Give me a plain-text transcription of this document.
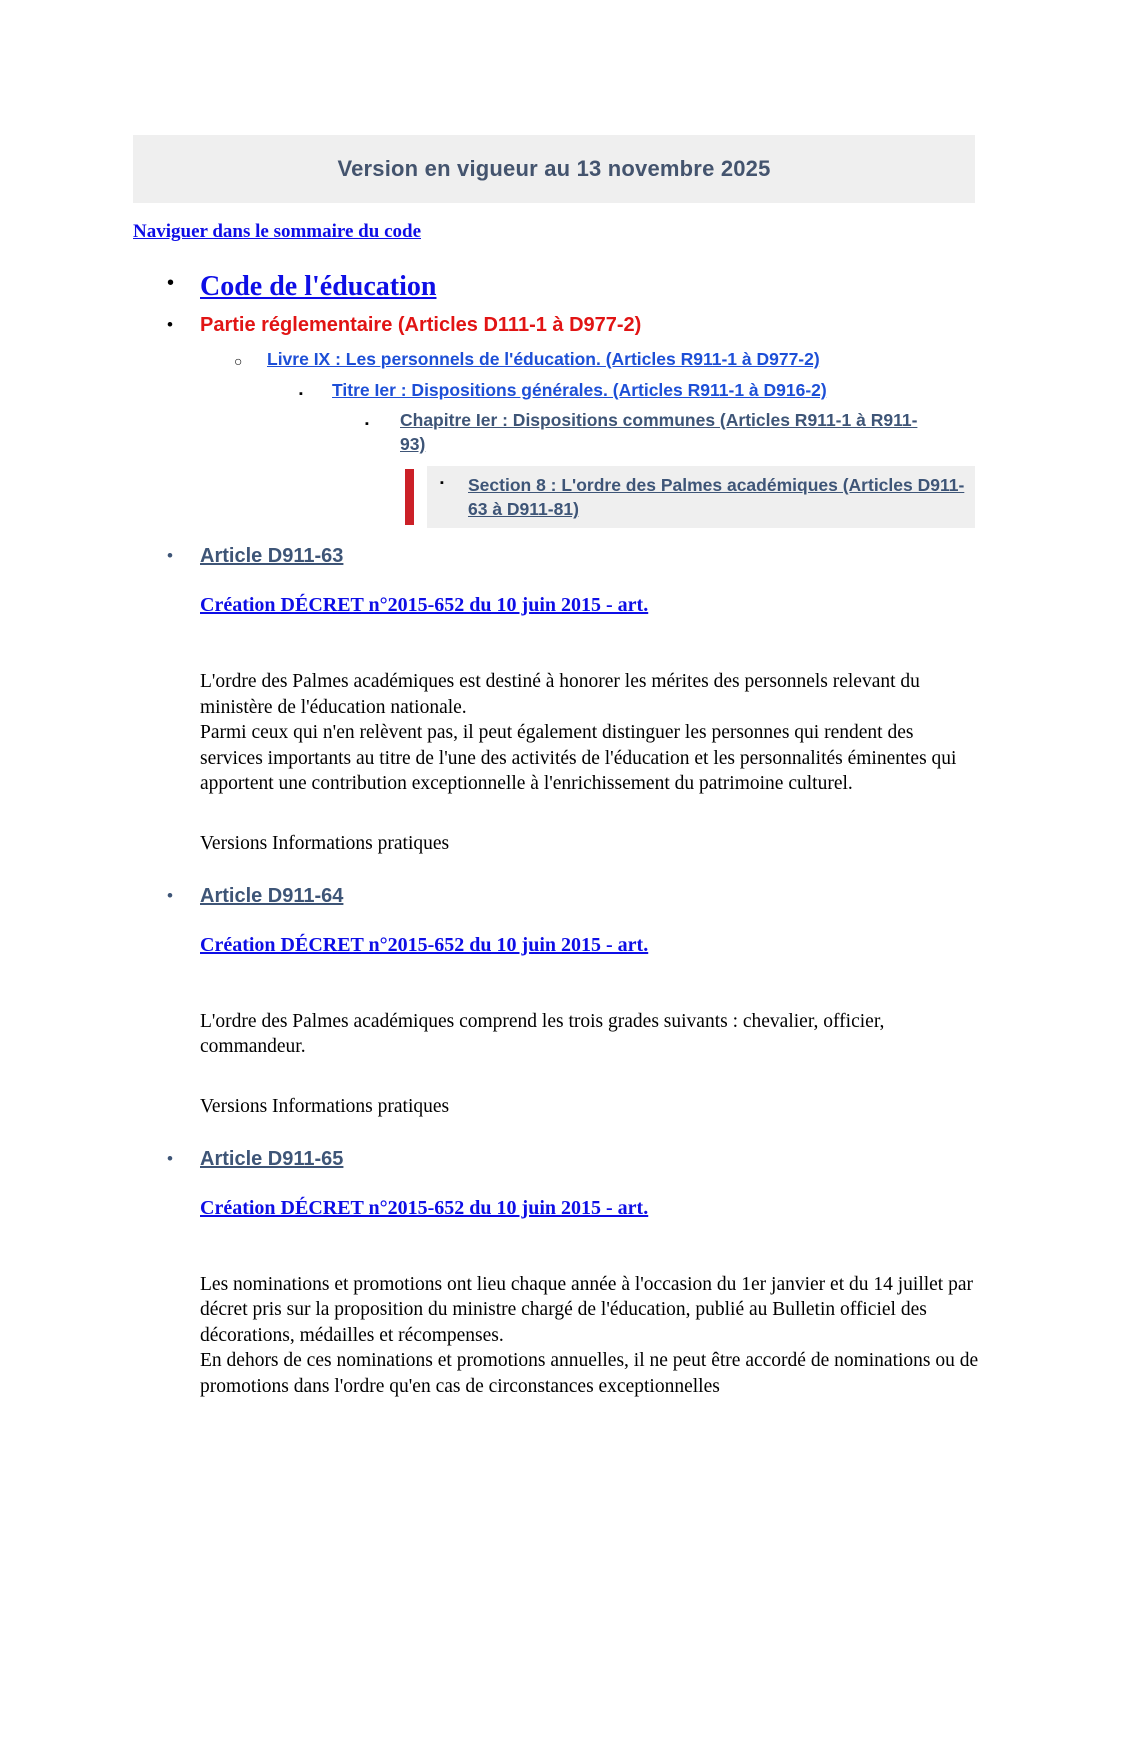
Version en vigueur au 13 novembre 2025
Naviguer dans le sommaire du code
• Code de l'éducation
• Partie réglementaire (Articles D111-1 à D977-2)
○ Livre IX : Les personnels de l'éducation. (Articles R911-1 à D977-2)
▪ Titre Ier : Dispositions générales. (Articles R911-1 à D916-2)
▪ Chapitre Ier : Dispositions communes (Articles R911-1 à R911-93)
▪ Section 8 : L'ordre des Palmes académiques (Articles D911-63 à D911-81)
• Article D911-63
Création DÉCRET n°2015-652 du 10 juin 2015 - art.

L'ordre des Palmes académiques est destiné à honorer les mérites des personnels relevant du ministère de l'éducation nationale.

Parmi ceux qui n'en relèvent pas, il peut également distinguer les personnes qui rendent des services importants au titre de l'une des activités de l'éducation et les personnalités éminentes qui apportent une contribution exceptionnelle à l'enrichissement du patrimoine culturel.

Versions Informations pratiques
• Article D911-64
Création DÉCRET n°2015-652 du 10 juin 2015 - art.

L'ordre des Palmes académiques comprend les trois grades suivants : chevalier, officier, commandeur.

Versions Informations pratiques
• Article D911-65
Création DÉCRET n°2015-652 du 10 juin 2015 - art.

Les nominations et promotions ont lieu chaque année à l'occasion du 1er janvier et du 14 juillet par décret pris sur la proposition du ministre chargé de l'éducation, publié au Bulletin officiel des décorations, médailles et récompenses.

En dehors de ces nominations et promotions annuelles, il ne peut être accordé de nominations ou de promotions dans l'ordre qu'en cas de circonstances exceptionnelles
